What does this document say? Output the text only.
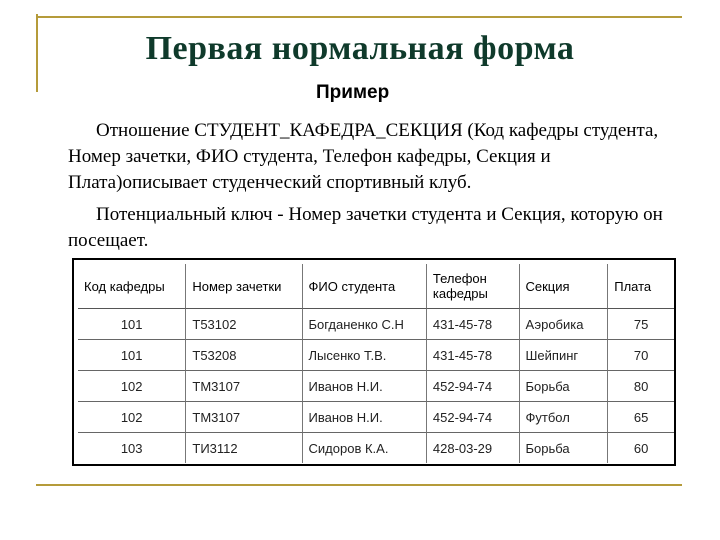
Первая нормальная форма
Пример
Отношение СТУДЕНТ_КАФЕДРА_СЕКЦИЯ (Код кафедры студента, Номер зачетки, ФИО студента, Телефон кафедры, Секция и Плата)описывает студенческий спортивный клуб.
Потенциальный ключ - Номер зачетки студента и Секция, которую он посещает.
Код кафедры	Номер зачетки	ФИО студента	Телефон кафедры	Секция	Плата
101	Т53102	Богданенко С.Н	431-45-78	Аэробика	75
101	Т53208	Лысенко Т.В.	431-45-78	Шейпинг	70
102	ТМ3107	Иванов Н.И.	452-94-74	Борьба	80
102	ТМ3107	Иванов Н.И.	452-94-74	Футбол	65
103	ТИ3112	Сидоров К.А.	428-03-29	Борьба	60
